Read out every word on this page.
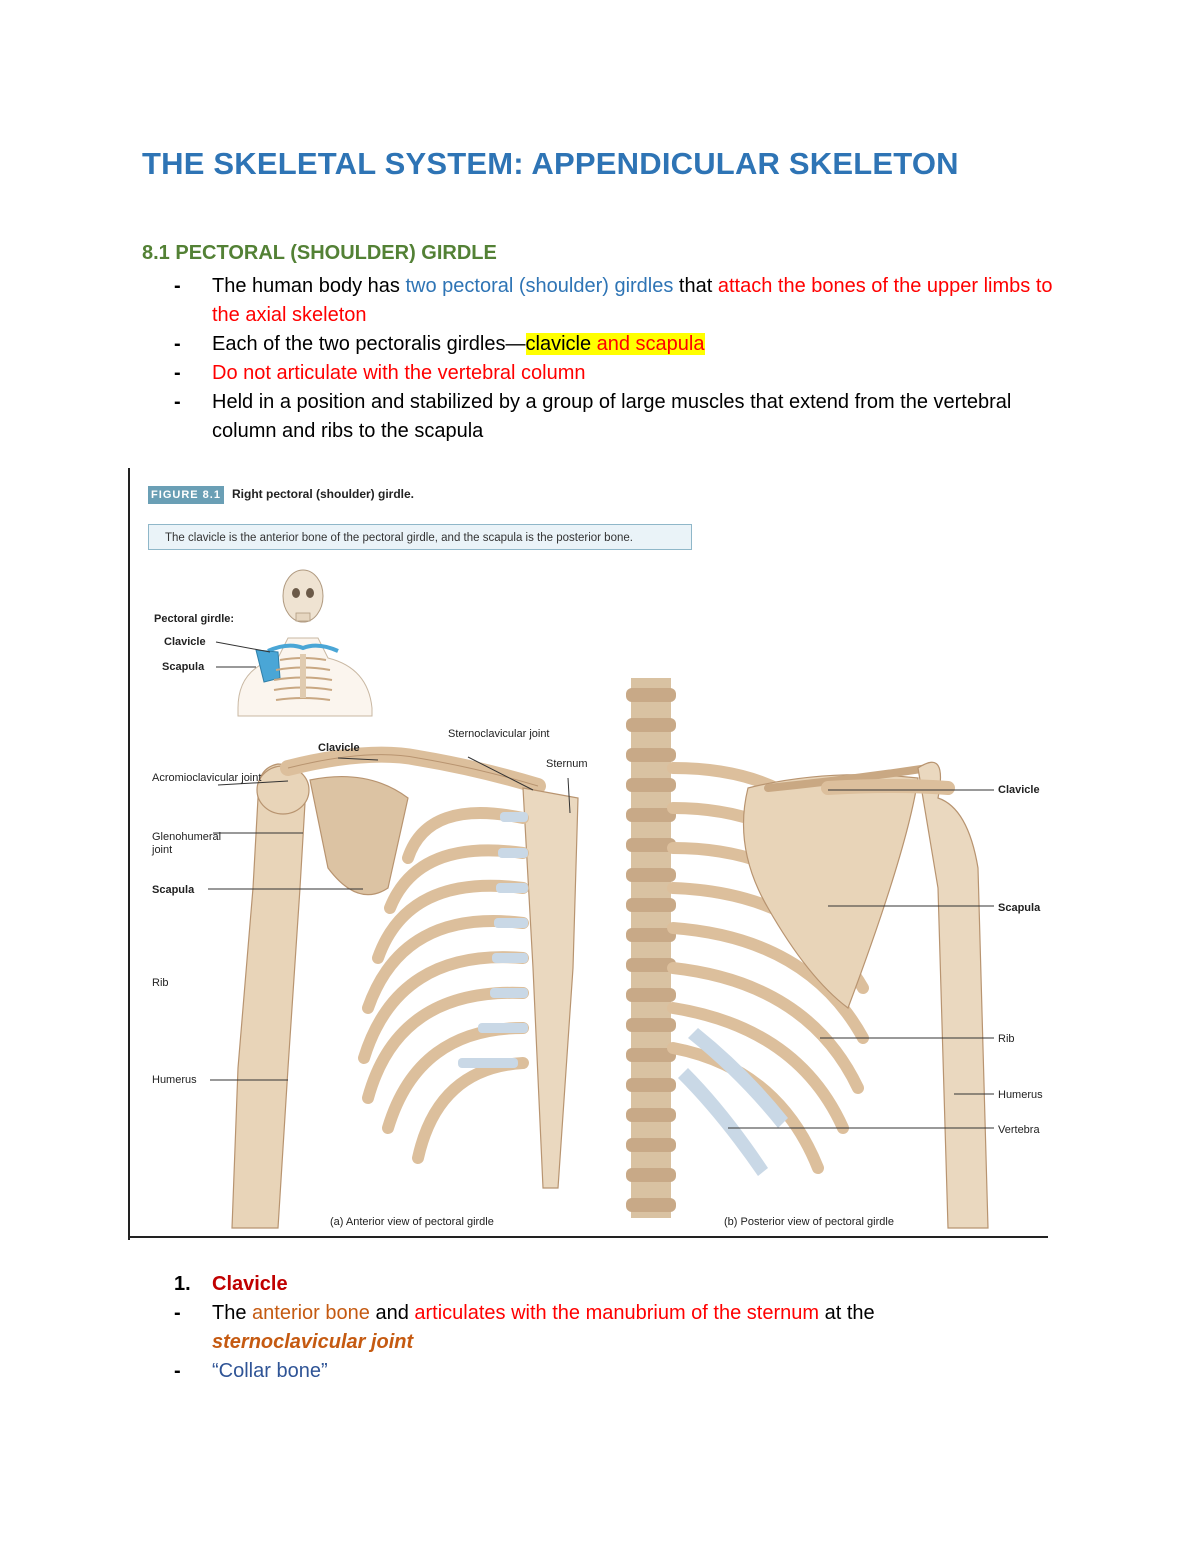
THE SKELETAL SYSTEM: APPENDICULAR SKELETON
8.1 PECTORAL (SHOULDER) GIRDLE
- The human body has two pectoral (shoulder) girdles that attach the bones of the upper limbs to the axial skeleton
- Each of the two pectoralis girdles—clavicle and scapula
- Do not articulate with the vertebral column
- Held in a position and stabilized by a group of large muscles that extend from the vertebral column and ribs to the scapula
FIGURE 8.1 Right pectoral (shoulder) girdle.
The clavicle is the anterior bone of the pectoral girdle, and the scapula is the posterior bone.
Pectoral girdle:
Clavicle
Scapula
Clavicle
Sternoclavicular joint
Sternum
Acromioclavicular joint
Glenohumeral joint
Scapula
Rib
Humerus
(a) Anterior view of pectoral girdle
Clavicle
Scapula
Rib
Humerus
Vertebra
(b) Posterior view of pectoral girdle
1. Clavicle
- The anterior bone and articulates with the manubrium of the sternum at the sternoclavicular joint
- “Collar bone”
